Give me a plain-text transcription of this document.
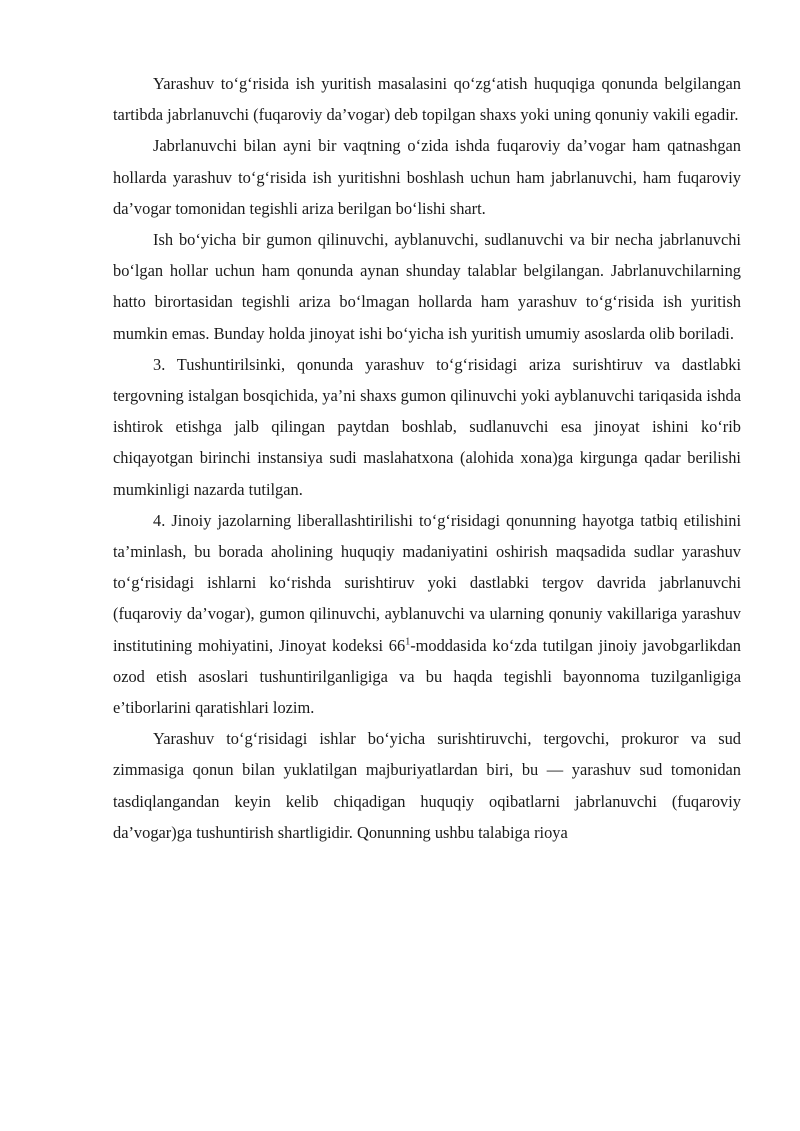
Yarashuv to‘g‘risida ish yuritish masalasini qo‘zg‘atish huquqiga qonunda belgilangan tartibda jabrlanuvchi (fuqaroviy da’vogar) deb topilgan shaxs yoki uning qonuniy vakili egadir.

Jabrlanuvchi bilan ayni bir vaqtning o‘zida ishda fuqaroviy da’vogar ham qatnashgan hollarda yarashuv to‘g‘risida ish yuritishni boshlash uchun ham jabrlanuvchi, ham fuqaroviy da’vogar tomonidan tegishli ariza berilgan bo‘lishi shart.

Ish bo‘yicha bir gumon qilinuvchi, ayblanuvchi, sudlanuvchi va bir necha jabrlanuvchi bo‘lgan hollar uchun ham qonunda aynan shunday talablar belgilangan. Jabrlanuvchilarning hatto birortasidan tegishli ariza bo‘lmagan hollarda ham yarashuv to‘g‘risida ish yuritish mumkin emas. Bunday holda jinoyat ishi bo‘yicha ish yuritish umumiy asoslarda olib boriladi.

3. Tushuntirilsinki, qonunda yarashuv to‘g‘risidagi ariza surishtiruv va dastlabki tergovning istalgan bosqichida, ya’ni shaxs gumon qilinuvchi yoki ayblanuvchi tariqasida ishda ishtirok etishga jalb qilingan paytdan boshlab, sudlanuvchi esa jinoyat ishini ko‘rib chiqayotgan birinchi instansiya sudi maslahatxona (alohida xona)ga kirgunga qadar berilishi mumkinligi nazarda tutilgan.

4. Jinoiy jazolarning liberallashtirilishi to‘g‘risidagi qonunning hayotga tatbiq etilishini ta’minlash, bu borada aholining huquqiy madaniyatini oshirish maqsadida sudlar yarashuv to‘g‘risidagi ishlarni ko‘rishda surishtiruv yoki dastlabki tergov davrida jabrlanuvchi (fuqaroviy da’vogar), gumon qilinuvchi, ayblanuvchi va ularning qonuniy vakillariga yarashuv institutining mohiyatini, Jinoyat kodeksi $66^1$-moddasida ko‘zda tutilgan jinoiy javobgarlikdan ozod etish asoslari tushuntirilganligiga va bu haqda tegishli bayonnoma tuzilganligiga e’tiborlarini qaratishlari lozim.

Yarashuv to‘g‘risidagi ishlar bo‘yicha surishtiruvchi, tergovchi, prokuror va sud zimmasiga qonun bilan yuklatilgan majburiyatlardan biri, bu — yarashuv sud tomonidan tasdiqlangandan keyin kelib chiqadigan huquqiy oqibatlarni jabrlanuvchi (fuqaroviy da’vogar)ga tushuntirish shartligidir. Qonunning ushbu talabiga rioya
